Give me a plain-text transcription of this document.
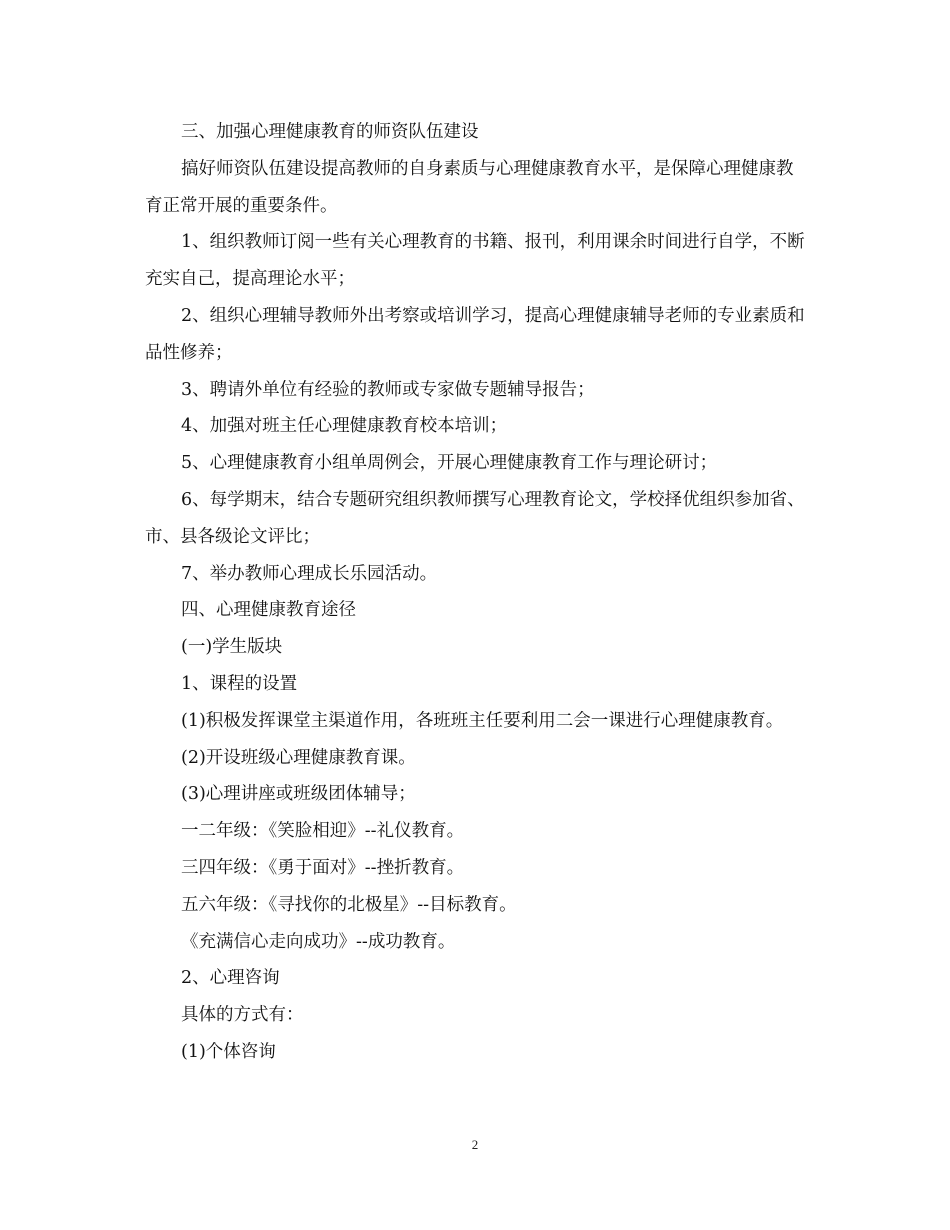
三、加强心理健康教育的师资队伍建设

搞好师资队伍建设提高教师的自身素质与心理健康教育水平，是保障心理健康教育正常开展的重要条件。

1、组织教师订阅一些有关心理教育的书籍、报刊，利用课余时间进行自学，不断充实自己，提高理论水平；

2、组织心理辅导教师外出考察或培训学习，提高心理健康辅导老师的专业素质和品性修养；

3、聘请外单位有经验的教师或专家做专题辅导报告；

4、加强对班主任心理健康教育校本培训；

5、心理健康教育小组单周例会，开展心理健康教育工作与理论研讨；

6、每学期末，结合专题研究组织教师撰写心理教育论文，学校择优组织参加省、市、县各级论文评比；

7、举办教师心理成长乐园活动。

四、心理健康教育途径

(一)学生版块

1、课程的设置

(1)积极发挥课堂主渠道作用，各班班主任要利用二会一课进行心理健康教育。

(2)开设班级心理健康教育课。

(3)心理讲座或班级团体辅导；

一二年级：《笑脸相迎》--礼仪教育。

三四年级：《勇于面对》--挫折教育。

五六年级：《寻找你的北极星》--目标教育。

《充满信心走向成功》--成功教育。

2、心理咨询

具体的方式有：

(1)个体咨询

2
